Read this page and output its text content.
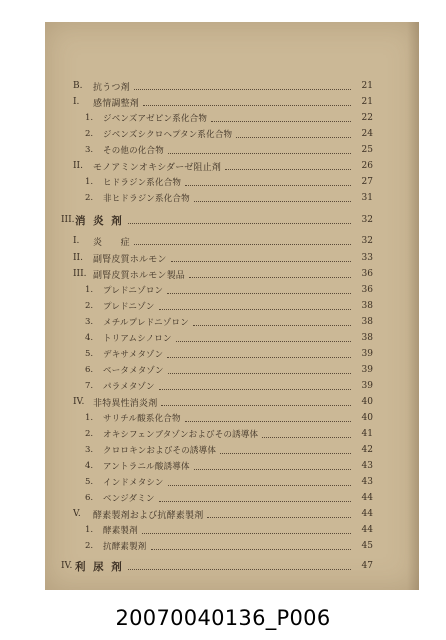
B.	抗うつ剤	21
I.	感情調整剤	21
1.	ジベンズアゼピン系化合物	22
2.	ジベンズシクロヘプタン系化合物	24
3.	その他の化合物	25
II.	モノアミンオキシダーゼ阻止剤	26
1.	ヒドラジン系化合物	27
2.	非ヒドラジン系化合物	31
III. 消 炎 剤	32
I.	炎　　症	32
II.	副腎皮質ホルモン	33
III. 副腎皮質ホルモン製品	36
1.	プレドニゾロン	36
2.	プレドニゾン	38
3.	メチルプレドニゾロン	38
4.	トリアムシノロン	38
5.	デキサメタゾン	39
6.	ベータメタゾン	39
7.	パラメタゾン	39
IV. 非特異性消炎剤	40
1.	サリチル酸系化合物	40
2.	オキシフェンブタゾンおよびその誘導体	41
3.	クロロキンおよびその誘導体	42
4.	アントラニル酸誘導体	43
5.	インドメタシン	43
6.	ベンジダミン	44
V.	酵素製剤および抗酵素製剤	44
1.	酵素製剤	44
2.	抗酵素製剤	45
IV. 利 尿 剤	47
20070040136_P006
